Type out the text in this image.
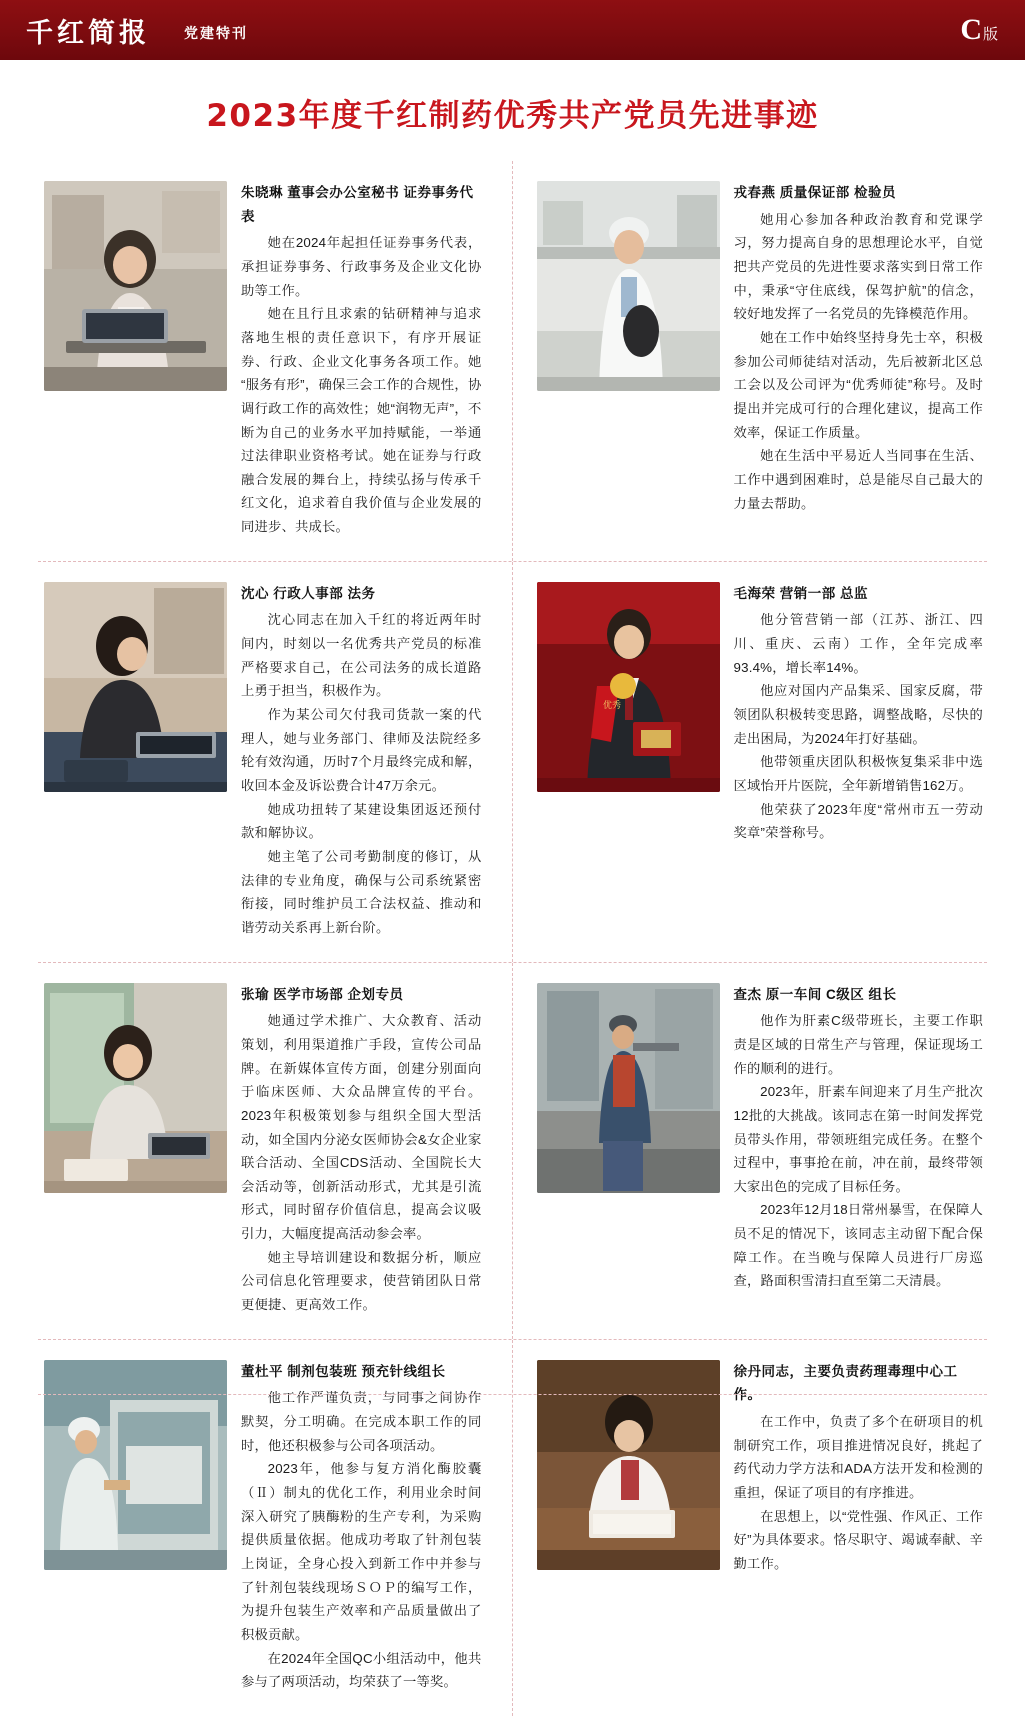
千红简报 党建特刊	C 版
2023年度千红制药优秀共产党员先进事迹
朱晓琳 董事会办公室秘书 证券事务代表

她在2024年起担任证券事务代表，承担证券事务、行政事务及企业文化协助等工作。

她在且行且求索的钻研精神与追求落地生根的责任意识下，有序开展证券、行政、企业文化事务各项工作。她“服务有形”，确保三会工作的合规性，协调行政工作的高效性；她“润物无声”，不断为自己的业务水平加持赋能，一举通过法律职业资格考试。她在证券与行政融合发展的舞台上，持续弘扬与传承千红文化，追求着自我价值与企业发展的同进步、共成长。

戎春燕 质量保证部 检验员

她用心参加各种政治教育和党课学习，努力提高自身的思想理论水平，自觉把共产党员的先进性要求落实到日常工作中，秉承“守住底线，保驾护航”的信念，较好地发挥了一名党员的先锋模范作用。

她在工作中始终坚持身先士卒，积极参加公司师徒结对活动，先后被新北区总工会以及公司评为“优秀师徒”称号。及时提出并完成可行的合理化建议，提高工作效率，保证工作质量。

她在生活中平易近人当同事在生活、工作中遇到困难时，总是能尽自己最大的力量去帮助。

沈心 行政人事部 法务

沈心同志在加入千红的将近两年时间内，时刻以一名优秀共产党员的标准严格要求自己，在公司法务的成长道路上勇于担当，积极作为。

作为某公司欠付我司货款一案的代理人，她与业务部门、律师及法院经多轮有效沟通，历时7个月最终完成和解，收回本金及诉讼费合计47万余元。

她成功扭转了某建设集团返还预付款和解协议。

她主笔了公司考勤制度的修订，从法律的专业角度，确保与公司系统紧密衔接，同时维护员工合法权益、推动和谐劳动关系再上新台阶。

优秀
毛海荣 营销一部 总监

他分管营销一部（江苏、浙江、四川、重庆、云南）工作，全年完成率93.4%，增长率14%。

他应对国内产品集采、国家反腐，带领团队积极转变思路，调整战略，尽快的走出困局，为2024年打好基础。

他带领重庆团队积极恢复集采非中选区域怡开片医院，全年新增销售162万。

他荣获了2023年度“常州市五一劳动奖章”荣誉称号。

张瑜 医学市场部 企划专员

她通过学术推广、大众教育、活动策划，利用渠道推广手段，宣传公司品牌。在新媒体宣传方面，创建分别面向于临床医师、大众品牌宣传的平台。2023年积极策划参与组织全国大型活动，如全国内分泌女医师协会&女企业家联合活动、全国CDS活动、全国院长大会活动等，创新活动形式，尤其是引流形式，同时留存价值信息，提高会议吸引力，大幅度提高活动参会率。

她主导培训建设和数据分析，顺应公司信息化管理要求，使营销团队日常更便捷、更高效工作。

查杰 原一车间 C级区 组长

他作为肝素C级带班长，主要工作职责是区域的日常生产与管理，保证现场工作的顺利的进行。

2023年，肝素车间迎来了月生产批次12批的大挑战。该同志在第一时间发挥党员带头作用，带领班组完成任务。在整个过程中，事事抢在前，冲在前，最终带领大家出色的完成了目标任务。

2023年12月18日常州暴雪，在保障人员不足的情况下，该同志主动留下配合保障工作。在当晚与保障人员进行厂房巡查，路面积雪清扫直至第二天清晨。

董杜平 制剂包装班 预充针线组长

他工作严谨负责，与同事之间协作默契，分工明确。在完成本职工作的同时，他还积极参与公司各项活动。

2023年，他参与复方消化酶胶囊（Ⅱ）制丸的优化工作，利用业余时间深入研究了胰酶粉的生产专利，为采购提供质量依据。他成功考取了针剂包装上岗证，全身心投入到新工作中并参与了针剂包装线现场ＳＯＰ的编写工作，为提升包装生产效率和产品质量做出了积极贡献。

在2024年全国QC小组活动中，他共参与了两项活动，均荣获了一等奖。

徐丹同志，主要负责药理毒理中心工作。

在工作中，负责了多个在研项目的机制研究工作，项目推进情况良好，挑起了药代动力学方法和ADA方法开发和检测的重担，保证了项目的有序推进。

在思想上，以“党性强、作风正、工作好”为具体要求。恪尽职守、竭诚奉献、辛勤工作。
